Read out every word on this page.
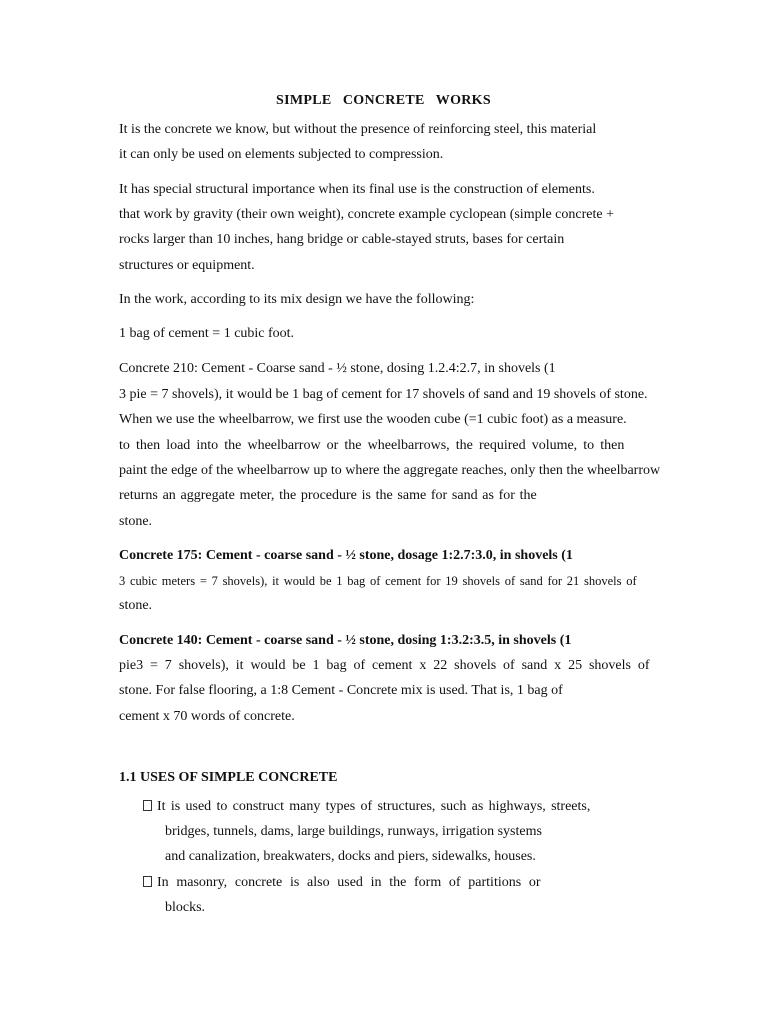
SIMPLE   CONCRETE   WORKS
It is the concrete we know, but without the presence of reinforcing steel, this material
it can only be used on elements subjected to compression.
It has special structural importance when its final use is the construction of elements.
that work by gravity (their own weight), concrete example cyclopean (simple concrete +
rocks larger than 10 inches, hang bridge or cable-stayed struts, bases for certain
structures or equipment.
In the work, according to its mix design we have the following:
1 bag of cement = 1 cubic foot.
Concrete 210: Cement - Coarse sand - ½ stone, dosing 1.2.4:2.7, in shovels (1
3 pie = 7 shovels), it would be 1 bag of cement for 17 shovels of sand and 19 shovels of stone.
When we use the wheelbarrow, we first use the wooden cube (=1 cubic foot) as a measure.
to then load into the wheelbarrow or the wheelbarrows, the required volume, to then
paint the edge of the wheelbarrow up to where the aggregate reaches, only then the wheelbarrow
returns an aggregate meter, the procedure is the same for sand as for the
stone.
Concrete 175: Cement - coarse sand - ½ stone, dosage 1:2.7:3.0, in shovels (1
3 cubic meters = 7 shovels), it would be 1 bag of cement for 19 shovels of sand for 21 shovels of
stone.
Concrete 140: Cement - coarse sand - ½ stone, dosing 1:3.2:3.5, in shovels (1
pie3 = 7 shovels), it would be 1 bag of cement x 22 shovels of sand x 25 shovels of
stone. For false flooring, a 1:8 Cement - Concrete mix is used. That is, 1 bag of
cement x 70 words of concrete.
1.1 USES OF SIMPLE CONCRETE
It is used to construct many types of structures, such as highways, streets,
bridges, tunnels, dams, large buildings, runways, irrigation systems
and canalization, breakwaters, docks and piers, sidewalks, houses.
In masonry, concrete is also used in the form of partitions or
blocks.
